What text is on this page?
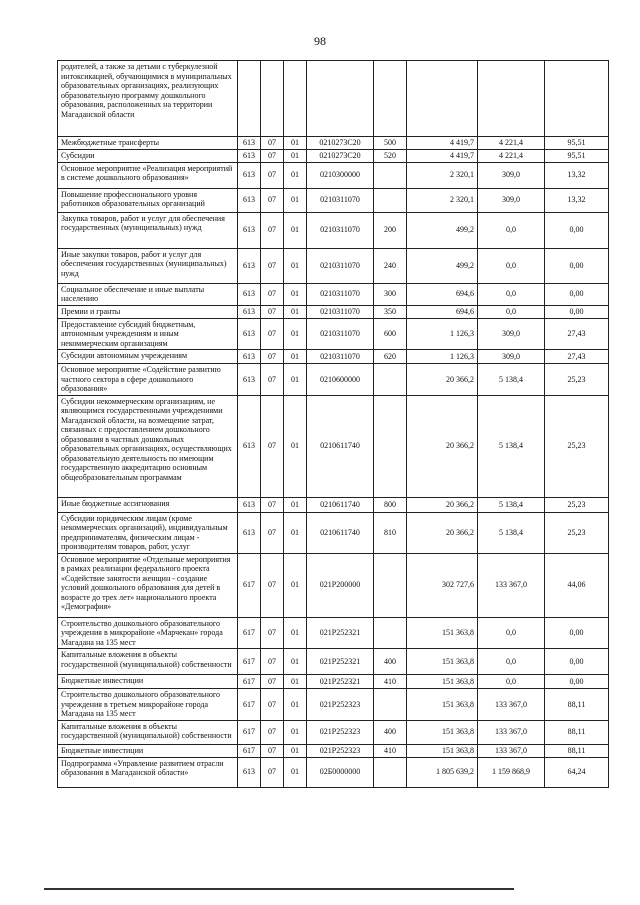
98
родителей, а также за детьми с туберкулезной интоксикацией, обучающимися в муниципальных образовательных организациях, реализующих образовательную программу дошкольного образования, расположенных на территории Магаданской области								
Межбюджетные трансферты	613	07	01	0210273С20	500	4 419,7	4 221,4	95,51
Субсидии	613	07	01	0210273С20	520	4 419,7	4 221,4	95,51
Основное мероприятие «Реализация мероприятий в системе дошкольного образования»	613	07	01	0210300000		2 320,1	309,0	13,32
Повышение профессионального уровня работников образовательных организаций	613	07	01	0210311070		2 320,1	309,0	13,32
Закупка товаров, работ и услуг для обеспечения государственных (муниципальных) нужд	613	07	01	0210311070	200	499,2	0,0	0,00
Иные закупки товаров, работ и услуг для обеспечения государственных (муниципальных) нужд	613	07	01	0210311070	240	499,2	0,0	0,00
Социальное обеспечение и иные выплаты населению	613	07	01	0210311070	300	694,6	0,0	0,00
Премии и гранты	613	07	01	0210311070	350	694,6	0,0	0,00
Предоставление субсидий бюджетным, автономным учреждениям и иным некоммерческим организациям	613	07	01	0210311070	600	1 126,3	309,0	27,43
Субсидии автономным учреждениям	613	07	01	0210311070	620	1 126,3	309,0	27,43
Основное мероприятие «Содействие развитию частного сектора в сфере дошкольного образования»	613	07	01	0210600000		20 366,2	5 138,4	25,23
Субсидии некоммерческим организациям, не являющимся государственными учреждениями Магаданской области, на возмещение затрат, связанных с предоставлением дошкольного образования в частных дошкольных образовательных организациях, осуществляющих образовательную деятельность по имеющим государственную аккредитацию основным общеобразовательным программам	613	07	01	0210611740		20 366,2	5 138,4	25,23
Иные бюджетные ассигнования	613	07	01	0210611740	800	20 366,2	5 138,4	25,23
Субсидии юридическим лицам (кроме некоммерческих организаций), индивидуальным предпринимателям, физическим лицам - производителям товаров, работ, услуг	613	07	01	0210611740	810	20 366,2	5 138,4	25,23
Основное мероприятие «Отдельные мероприятия в рамках реализации федерального проекта «Содействие занятости женщин - создание условий дошкольного образования для детей в возрасте до трех лет» национального проекта «Демография»	617	07	01	021Р200000		302 727,6	133 367,0	44,06
Строительство дошкольного образовательного учреждения в микрорайоне «Марчекан» города Магадана на 135 мест	617	07	01	021Р252321		151 363,8	0,0	0,00
Капитальные вложения в объекты государственной (муниципальной) собственности	617	07	01	021Р252321	400	151 363,8	0,0	0,00
Бюджетные инвестиции	617	07	01	021Р252321	410	151 363,8	0,0	0,00
Строительство дошкольного образовательного учреждения в третьем микрорайоне города Магадана на 135 мест	617	07	01	021Р252323		151 363,8	133 367,0	88,11
Капитальные вложения в объекты государственной (муниципальной) собственности	617	07	01	021Р252323	400	151 363,8	133 367,0	88,11
Бюджетные инвестиции	617	07	01	021Р252323	410	151 363,8	133 367,0	88,11
Подпрограмма «Управление развитием отрасли образования в Магаданской области»	613	07	01	02Б0000000		1 805 639,2	1 159 868,9	64,24
